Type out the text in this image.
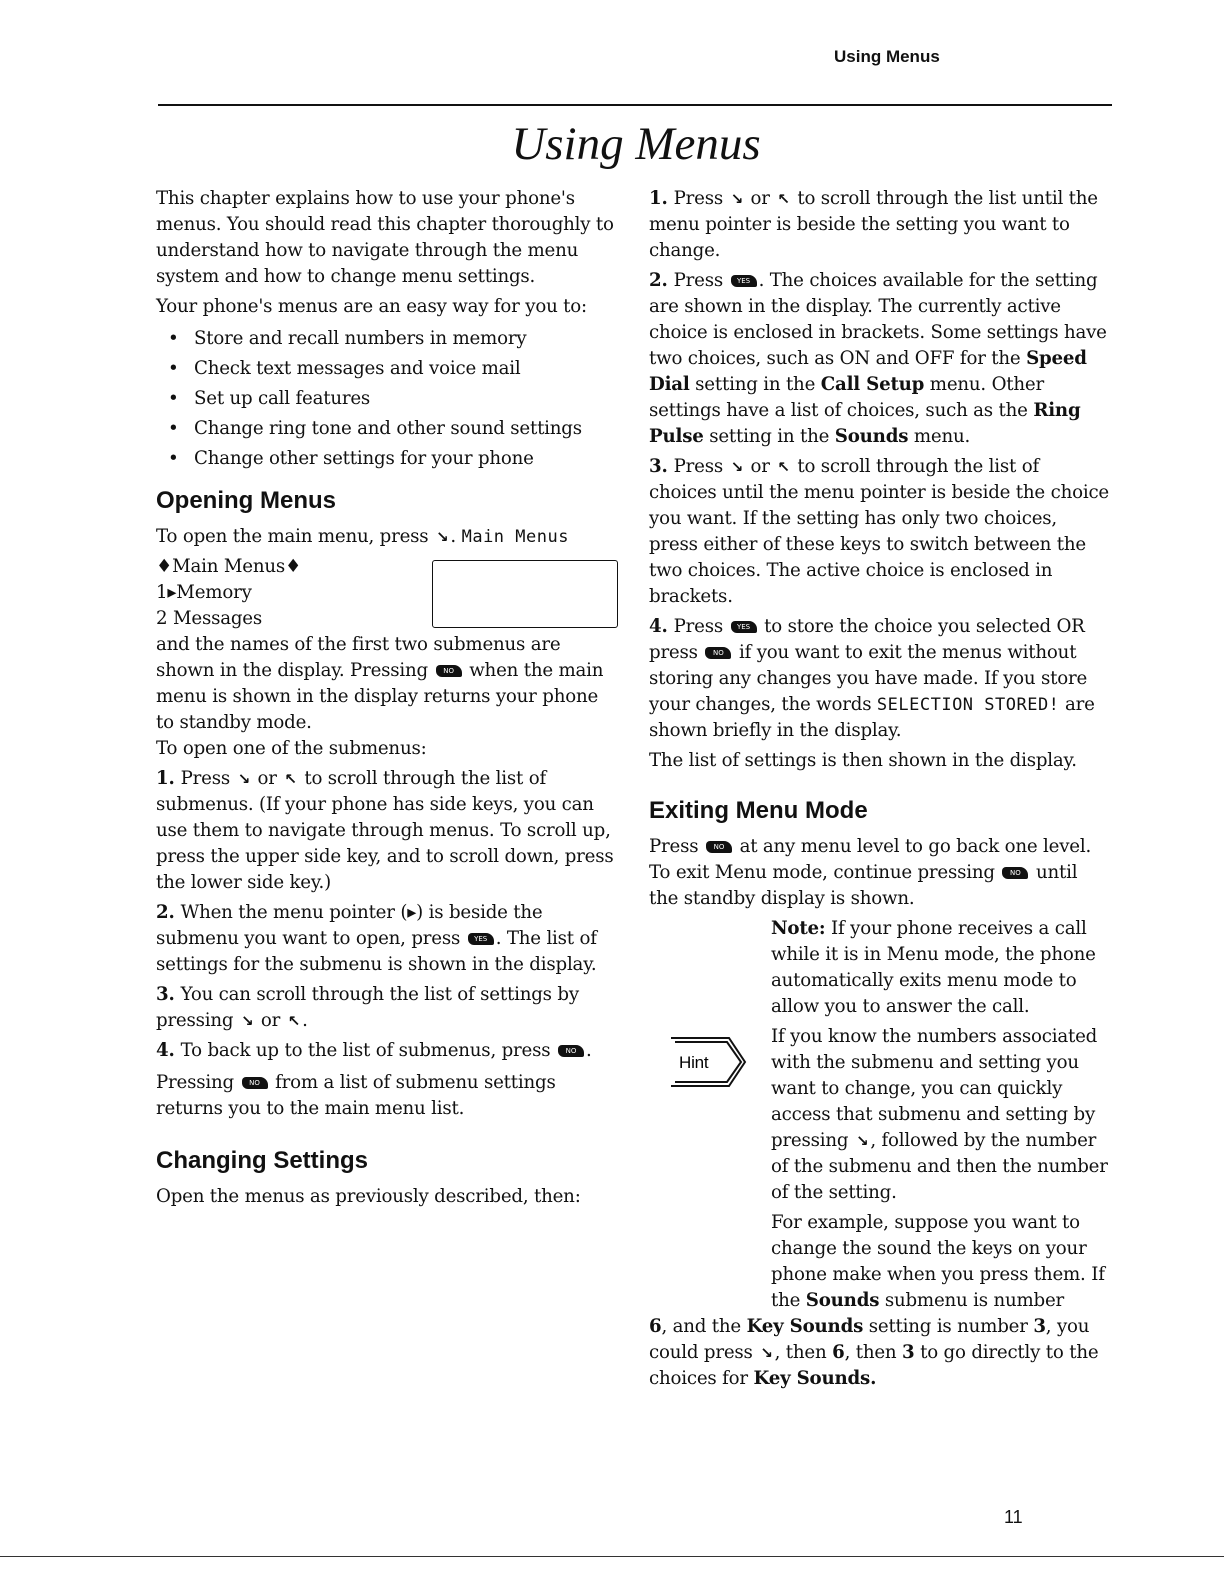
Using Menus
Using Menus

This chapter explains how to use your phone's menus. You should read this chapter thoroughly to understand how to navigate through the menu system and how to change menu settings.

Your phone's menus are an easy way for you to:

• Store and recall numbers in memory
• Check text messages and voice mail
• Set up call features
• Change ring tone and other sound settings
• Change other settings for your phone
Opening Menus

To open the main menu, press ↘ . Main Menus

♦Main Menus♦
1▸Memory
2 Messages
and the names of the first two submenus are shown in the display. Pressing NO when the main menu is shown in the display returns your phone to standby mode.

To open one of the submenus:

1. Press ↘ or ↖ to scroll through the list of submenus. (If your phone has side keys, you can use them to navigate through menus. To scroll up, press the upper side key, and to scroll down, press the lower side key.)

2. When the menu pointer (▸) is beside the submenu you want to open, press YES . The list of settings for the submenu is shown in the display.

3. You can scroll through the list of settings by pressing ↘ or ↖ .

4. To back up to the list of submenus, press NO .

Pressing NO from a list of submenu settings returns you to the main menu list.

Changing Settings

Open the menus as previously described, then:

1. Press ↘ or ↖ to scroll through the list until the menu pointer is beside the setting you want to change.

2. Press YES . The choices available for the setting are shown in the display. The currently active choice is enclosed in brackets. Some settings have two choices, such as ON and OFF for the Speed Dial setting in the Call Setup menu. Other settings have a list of choices, such as the Ring Pulse setting in the Sounds menu.

3. Press ↘ or ↖ to scroll through the list of choices until the menu pointer is beside the choice you want. If the setting has only two choices, press either of these keys to switch between the two choices. The active choice is enclosed in brackets.

4. Press YES to store the choice you selected OR press NO if you want to exit the menus without storing any changes you have made. If you store your changes, the words SELECTION STORED! are shown briefly in the display.

The list of settings is then shown in the display.

Exiting Menu Mode

Press NO at any menu level to go back one level. To exit Menu mode, continue pressing NO until the standby display is shown.

Note: If your phone receives a call while it is in Menu mode, the phone automatically exits menu mode to allow you to answer the call.

Hint

If you know the numbers associated with the submenu and setting you want to change, you can quickly access that submenu and setting by pressing ↘ , followed by the number of the submenu and then the number of the setting.

For example, suppose you want to change the sound the keys on your phone make when you press them. If the Sounds submenu is number
6, and the Key Sounds setting is number 3, you could press ↘ , then 6, then 3 to go directly to the choices for Key Sounds.

11
